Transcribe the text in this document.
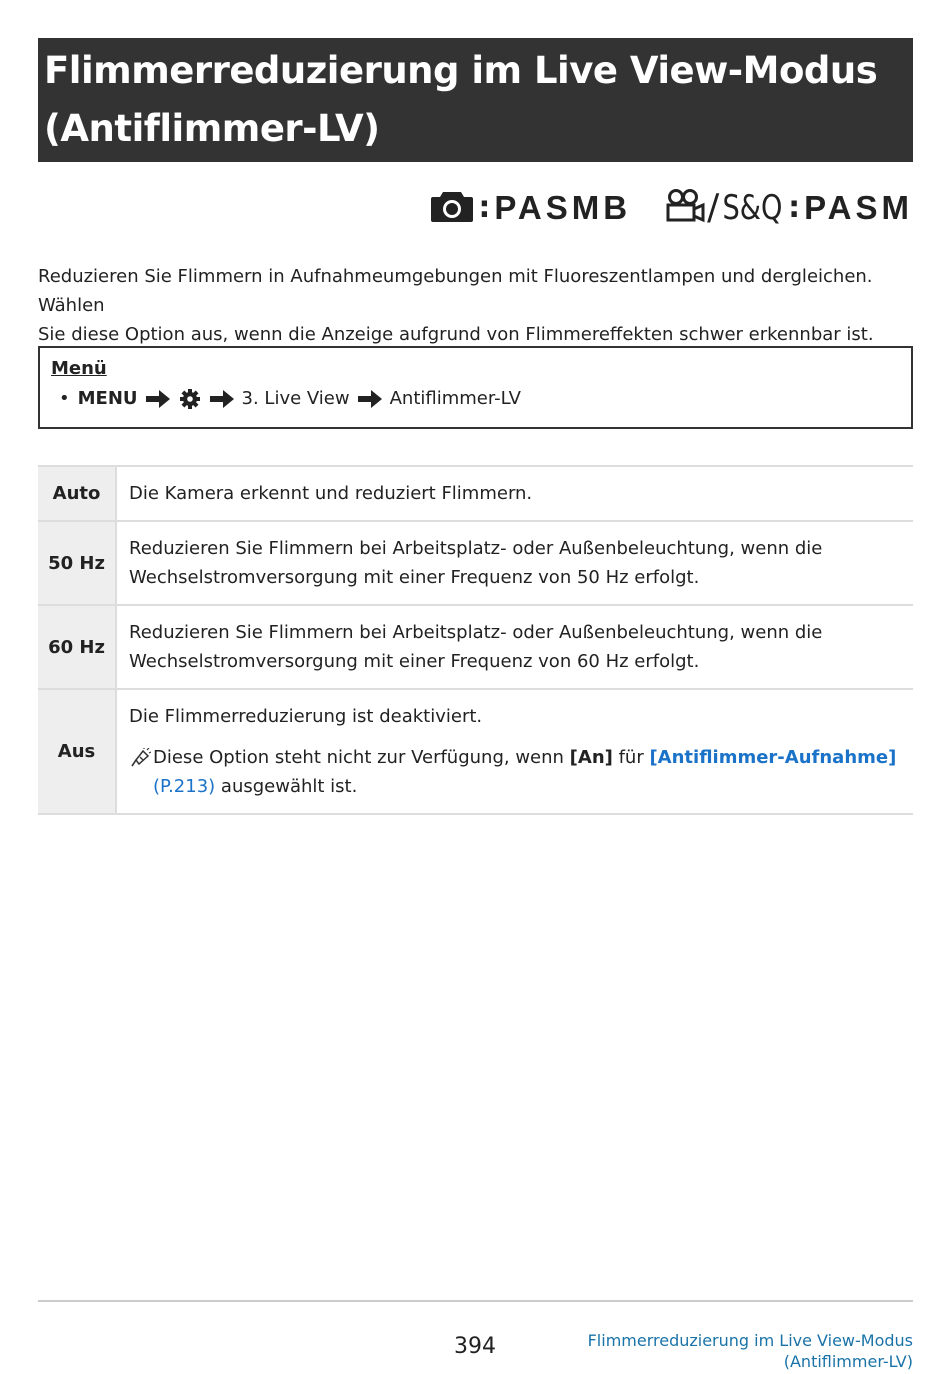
Flimmerreduzierung im Live View-Modus
(Antiflimmer-LV)
: PASMB / S&Q : PASM
Reduzieren Sie Flimmern in Aufnahmeumgebungen mit Fluoreszentlampen und dergleichen. Wählen
Sie diese Option aus, wenn die Anzeige aufgrund von Flimmereffekten schwer erkennbar ist.
Menü
• MENU	3. Live View Antiflimmer-LV
Auto	Die Kamera erkennt und reduziert Flimmern.

50 Hz	Reduzieren Sie Flimmern bei Arbeitsplatz- oder Außenbeleuchtung, wenn die
Wechselstromversorgung mit einer Frequenz von 50 Hz erfolgt.

60 Hz	Reduzieren Sie Flimmern bei Arbeitsplatz- oder Außenbeleuchtung, wenn die
Wechselstromversorgung mit einer Frequenz von 60 Hz erfolgt.

Aus	Die Flimmerreduzierung ist deaktiviert.
Diese Option steht nicht zur Verfügung, wenn [An] für [Antiflimmer-Aufnahme]
(P.213) ausgewählt ist.
394	Flimmerreduzierung im Live View-Modus
(Antiflimmer-LV)
